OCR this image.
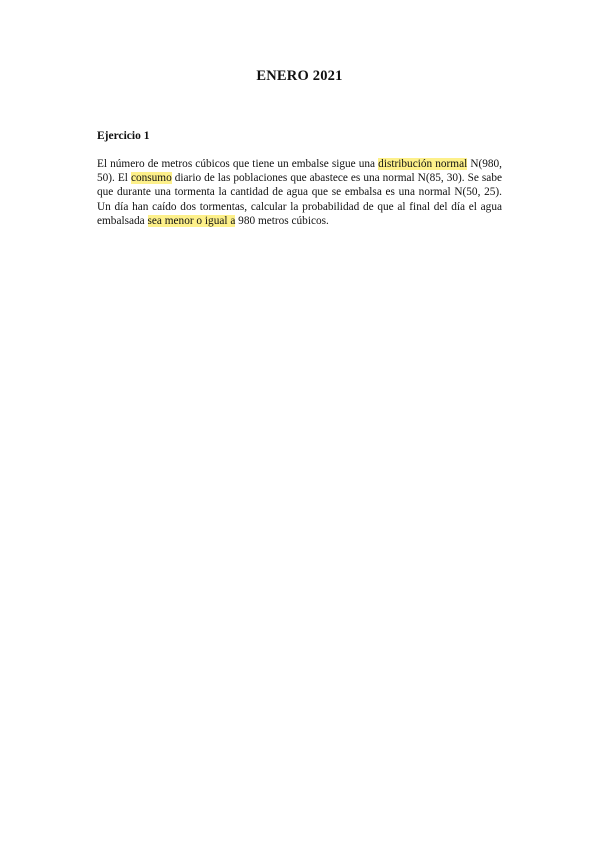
ENERO 2021
Ejercicio 1

El número de metros cúbicos que tiene un embalse sigue una distribución normal N(980, 50). El consumo diario de las poblaciones que abastece es una normal N(85, 30). Se sabe que durante una tormenta la cantidad de agua que se embalsa es una normal N(50, 25). Un día han caído dos tormentas, calcular la probabilidad de que al final del día el agua embalsada sea menor o igual a 980 metros cúbicos.
